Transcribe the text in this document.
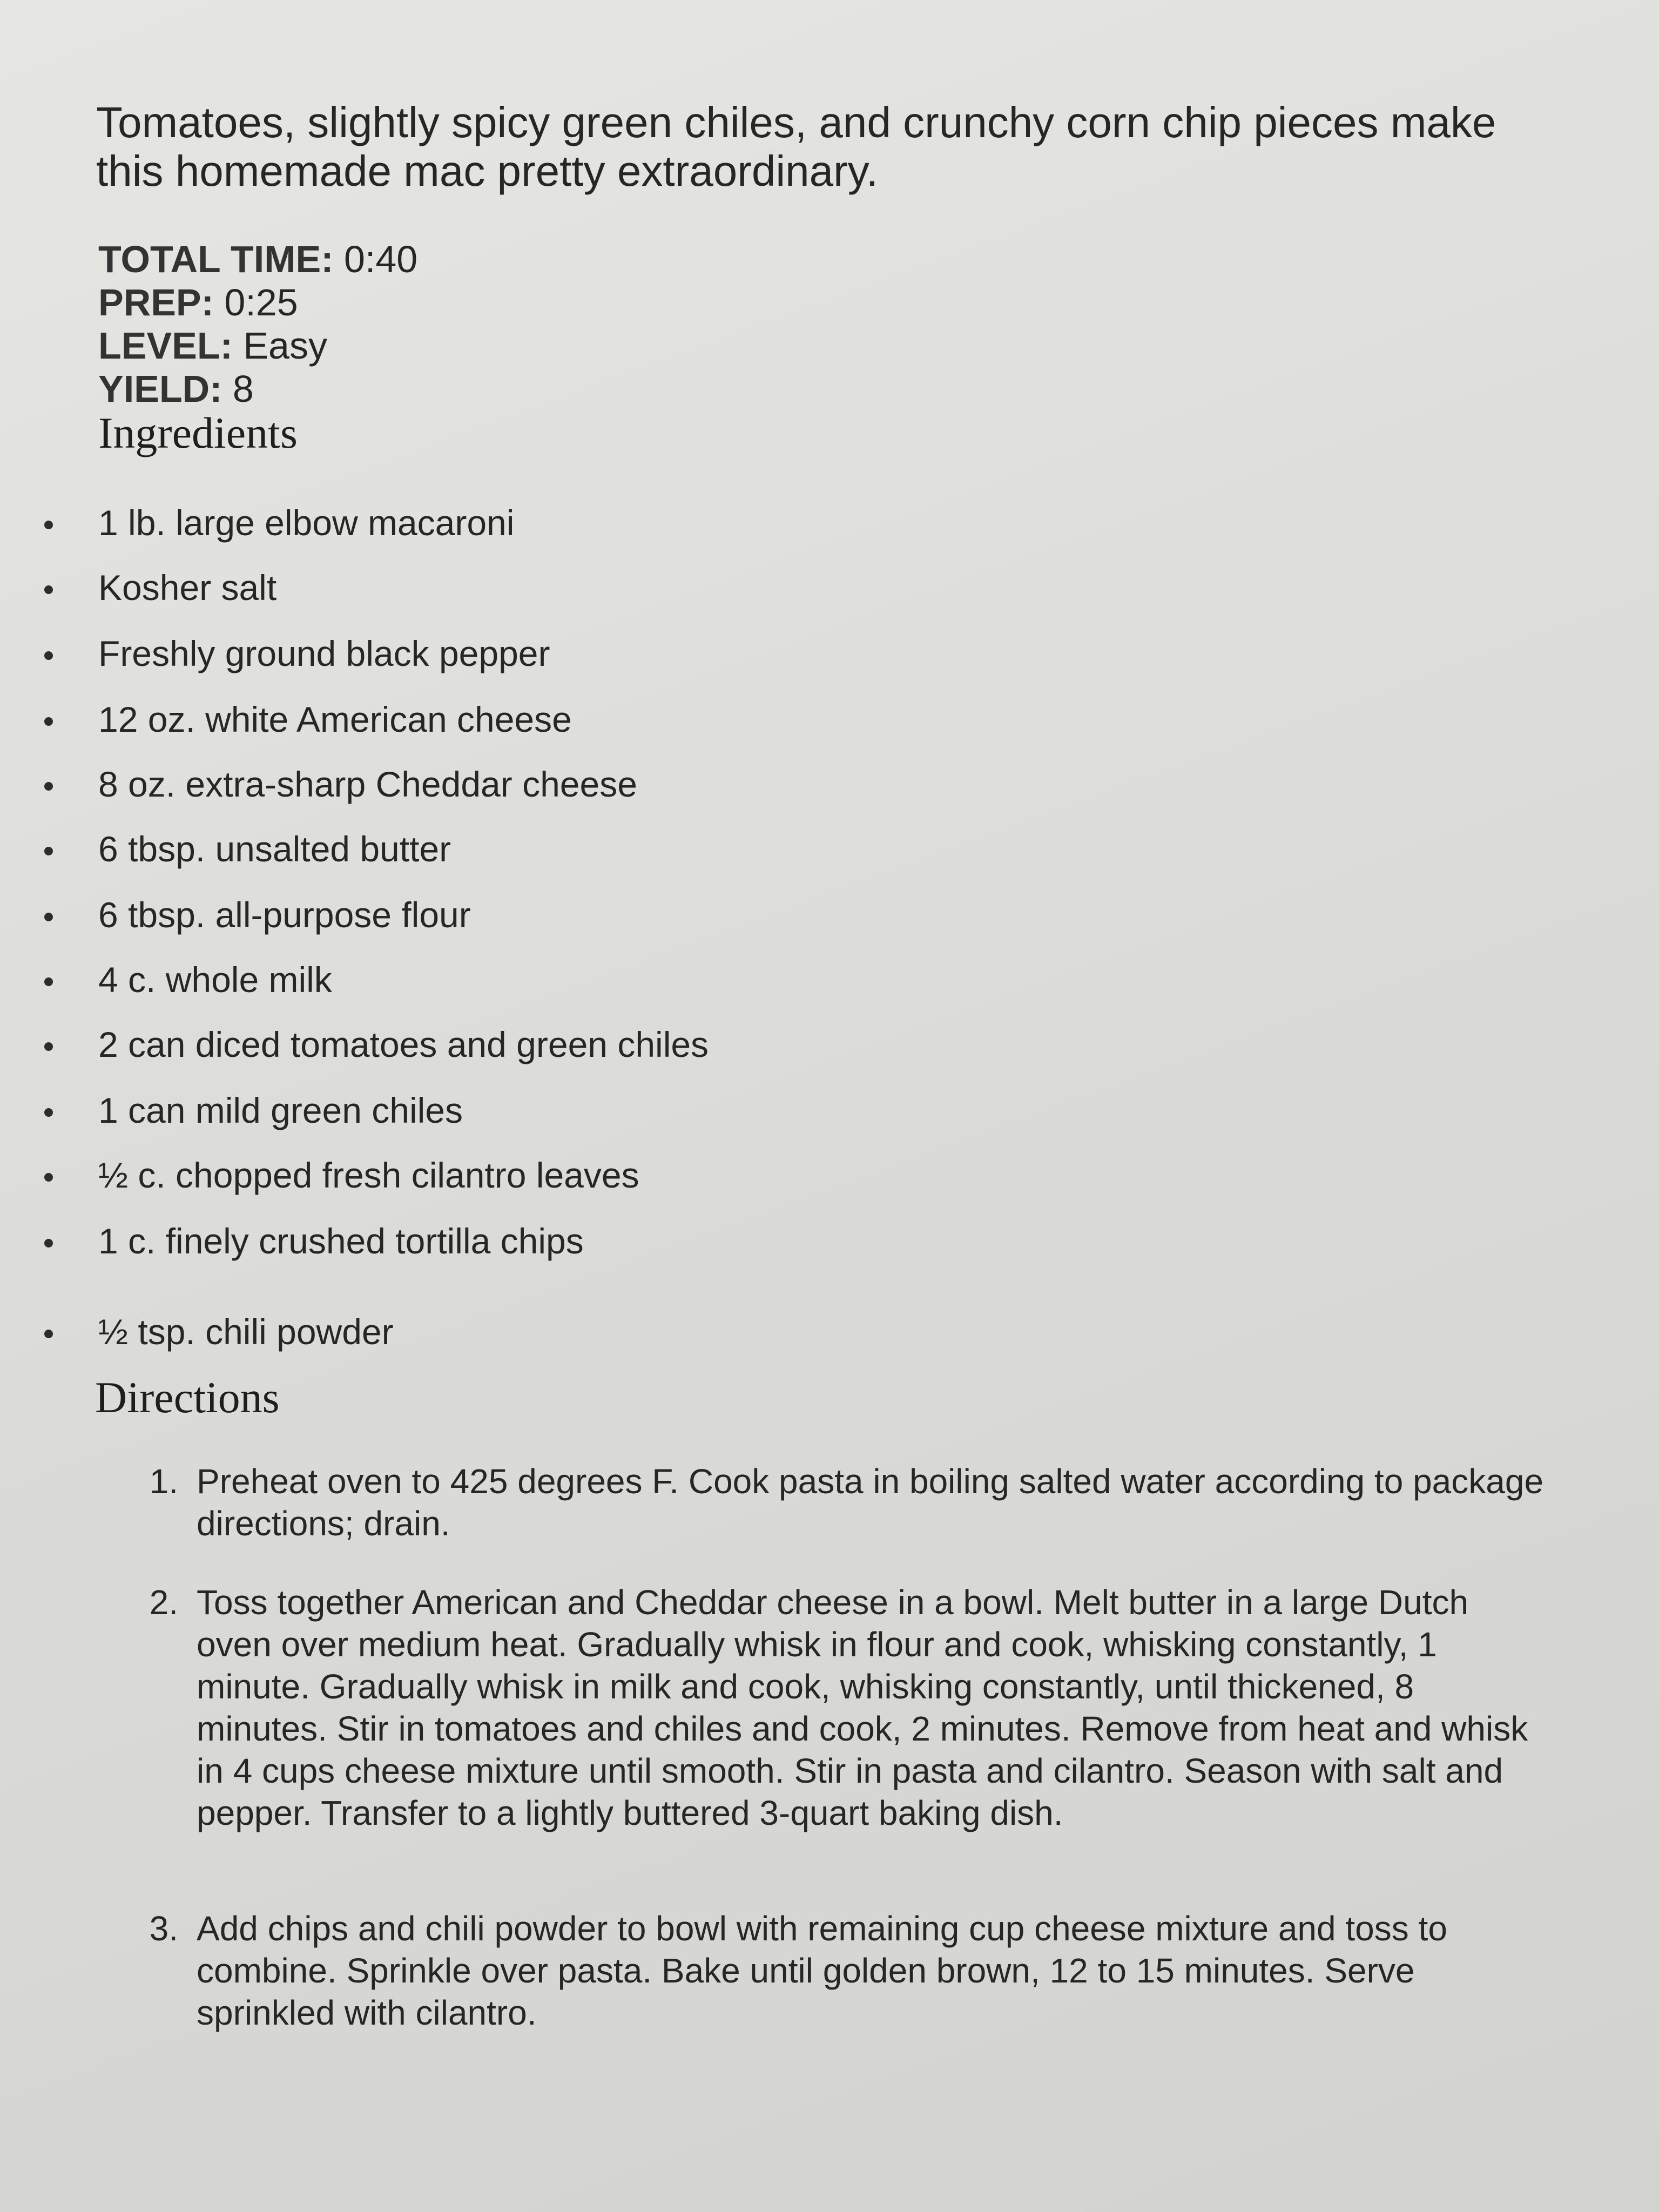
Tomatoes, slightly spicy green chiles, and crunchy corn chip pieces make this homemade mac pretty extraordinary.
TOTAL TIME: 0:40
PREP: 0:25
LEVEL: Easy
YIELD: 8
Ingredients
1 lb. large elbow macaroni
Kosher salt
Freshly ground black pepper
12 oz. white American cheese
8 oz. extra-sharp Cheddar cheese
6 tbsp. unsalted butter
6 tbsp. all-purpose flour
4 c. whole milk
2 can diced tomatoes and green chiles
1 can mild green chiles
½ c. chopped fresh cilantro leaves
1 c. finely crushed tortilla chips
½ tsp. chili powder
Directions
1. Preheat oven to 425 degrees F. Cook pasta in boiling salted water according to package directions; drain.
2. Toss together American and Cheddar cheese in a bowl. Melt butter in a large Dutch oven over medium heat. Gradually whisk in flour and cook, whisking constantly, 1 minute. Gradually whisk in milk and cook, whisking constantly, until thickened, 8 minutes. Stir in tomatoes and chiles and cook, 2 minutes. Remove from heat and whisk in 4 cups cheese mixture until smooth. Stir in pasta and cilantro. Season with salt and pepper. Transfer to a lightly buttered 3-quart baking dish.
3. Add chips and chili powder to bowl with remaining cup cheese mixture and toss to combine. Sprinkle over pasta. Bake until golden brown, 12 to 15 minutes. Serve sprinkled with cilantro.
